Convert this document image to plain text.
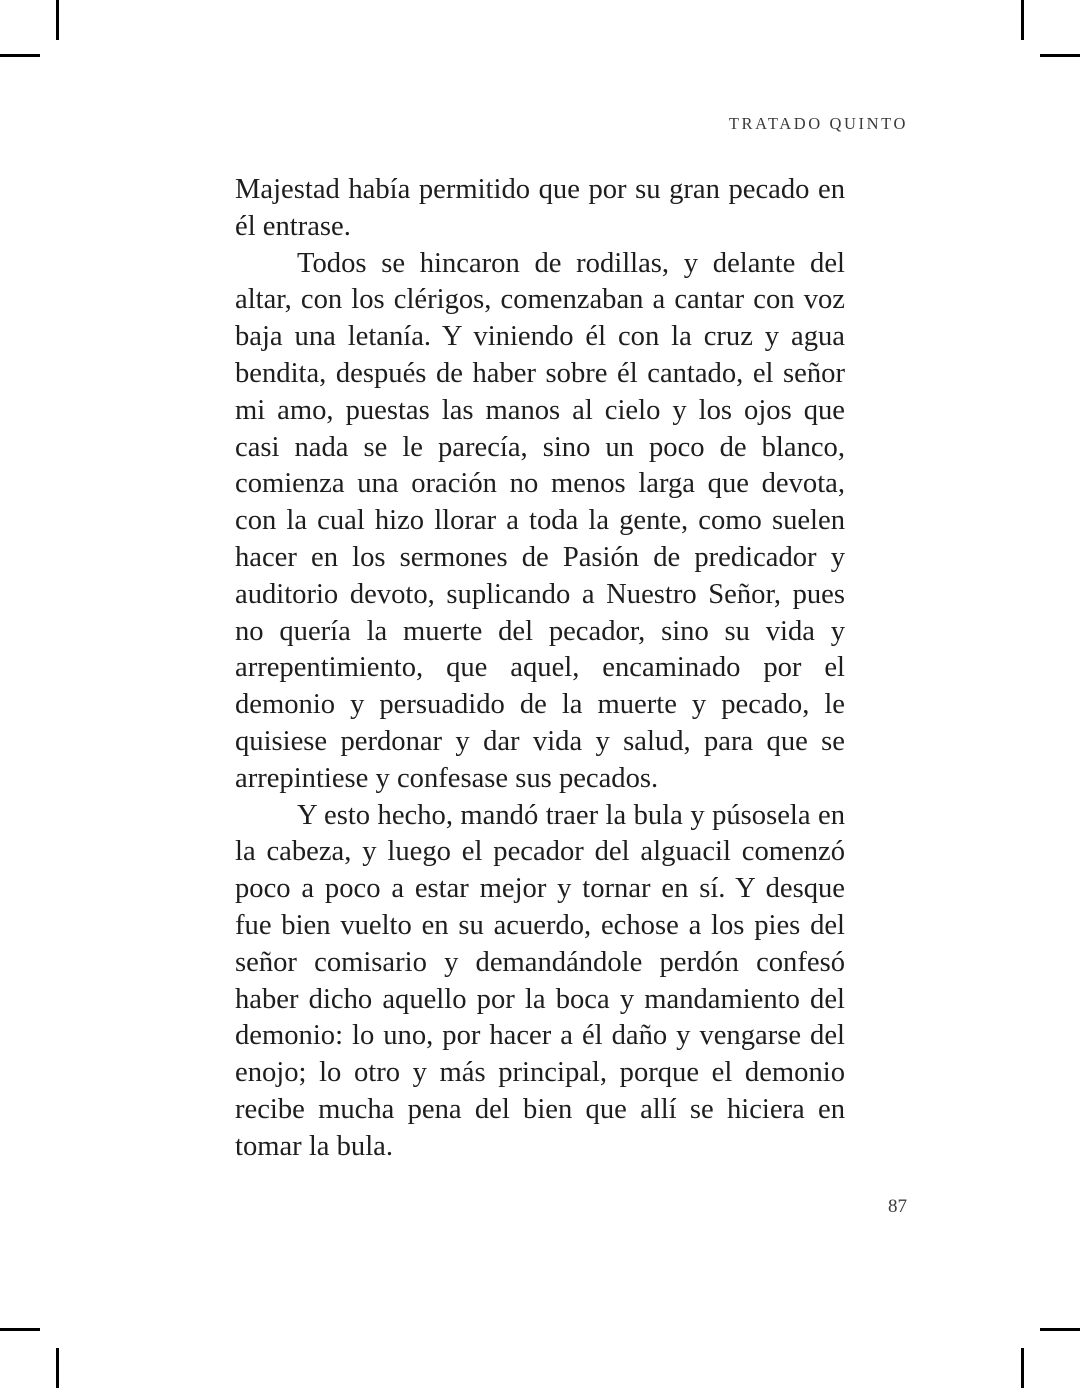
TRATADO QUINTO

Majestad había permitido que por su gran pecado en él entrase.

Todos se hincaron de rodillas, y delante del altar, con los clérigos, comenzaban a cantar con voz baja una letanía. Y viniendo él con la cruz y agua bendita, después de haber sobre él cantado, el señor mi amo, puestas las manos al cielo y los ojos que casi nada se le parecía, sino un poco de blanco, comienza una oración no menos larga que devota, con la cual hizo llorar a toda la gente, como suelen hacer en los sermones de Pasión de predicador y auditorio devoto, suplicando a Nuestro Señor, pues no quería la muerte del pecador, sino su vida y arrepentimiento, que aquel, encaminado por el demonio y persuadido de la muerte y pecado, le quisiese perdonar y dar vida y salud, para que se arrepintiese y confesase sus pecados.

Y esto hecho, mandó traer la bula y púsosela en la cabeza, y luego el pecador del alguacil comenzó poco a poco a estar mejor y tornar en sí. Y desque fue bien vuelto en su acuerdo, echose a los pies del señor comisario y demandándole perdón confesó haber dicho aquello por la boca y mandamiento del demonio: lo uno, por hacer a él daño y vengarse del enojo; lo otro y más principal, porque el demonio recibe mucha pena del bien que allí se hiciera en tomar la bula.

87
